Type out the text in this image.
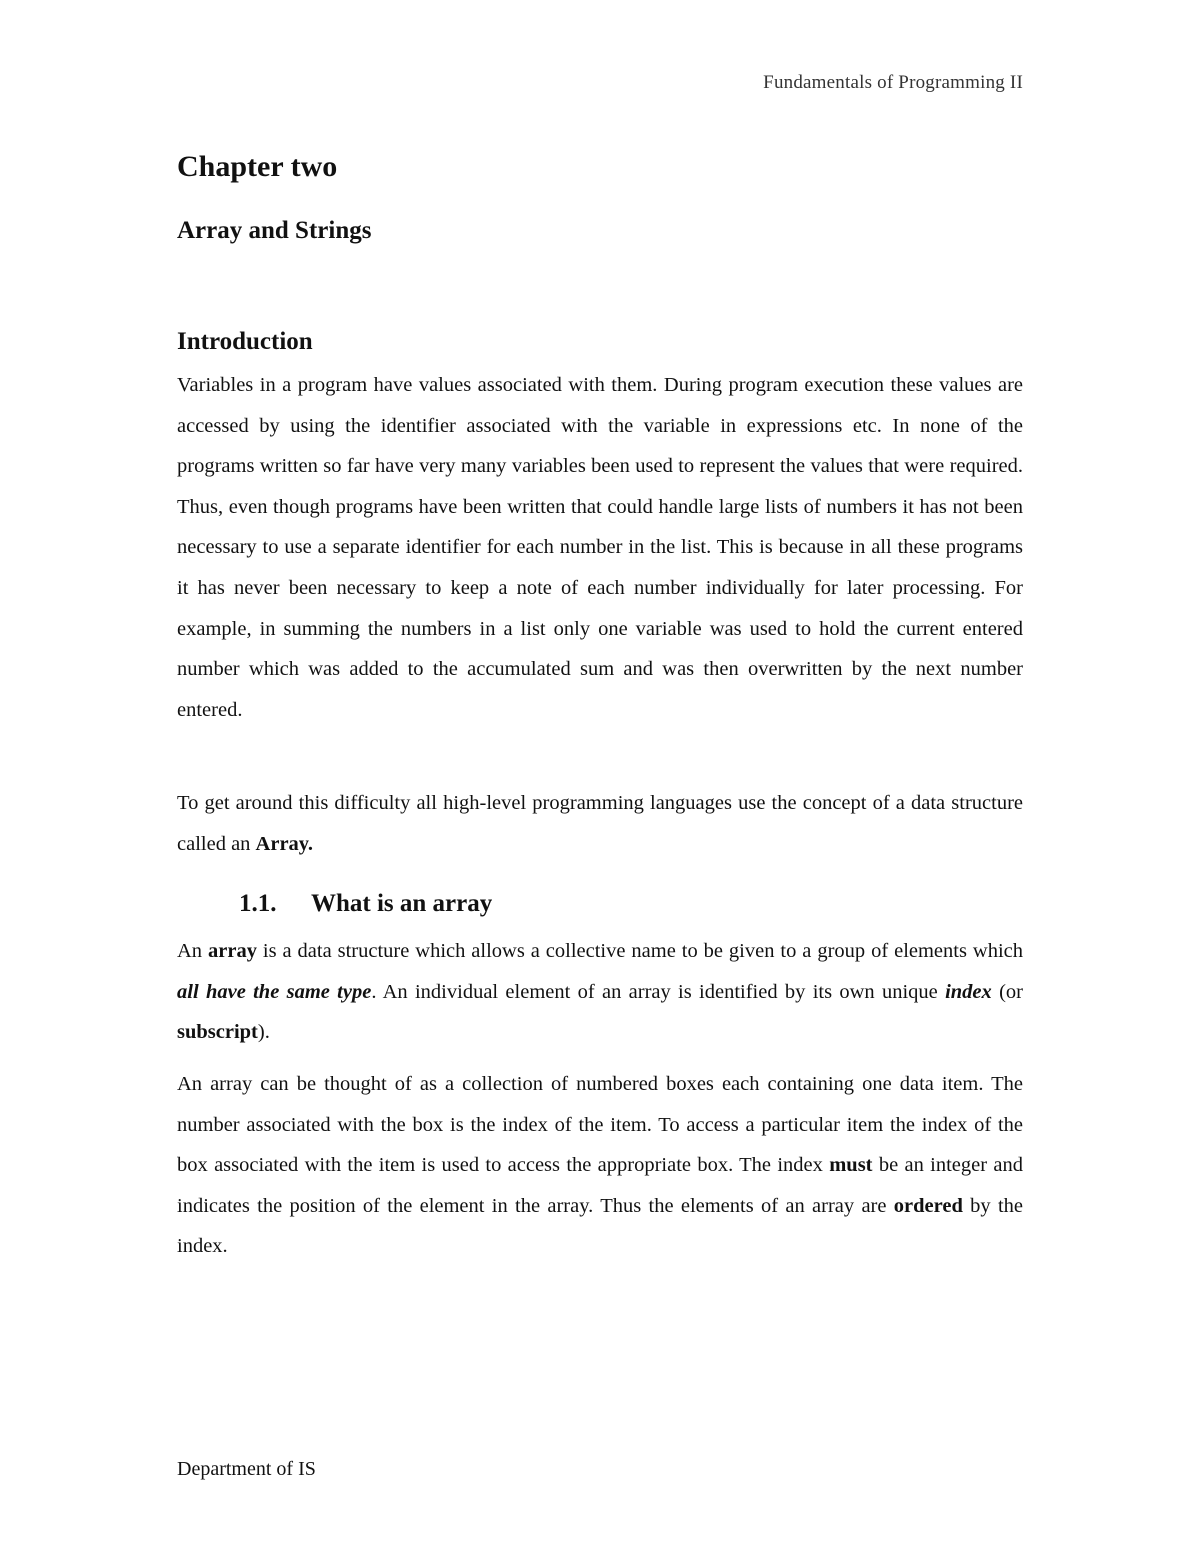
Fundamentals of Programming II
Chapter two
Array and Strings
Introduction

Variables in a program have values associated with them. During program execution these values are accessed by using the identifier associated with the variable in expressions etc. In none of the programs written so far have very many variables been used to represent the values that were required. Thus, even though programs have been written that could handle large lists of numbers it has not been necessary to use a separate identifier for each number in the list. This is because in all these programs it has never been necessary to keep a note of each number individually for later processing. For example, in summing the numbers in a list only one variable was used to hold the current entered number which was added to the accumulated sum and was then overwritten by the next number entered.

To get around this difficulty all high-level programming languages use the concept of a data structure called an Array.

1.1. What is an array

An array is a data structure which allows a collective name to be given to a group of elements which all have the same type. An individual element of an array is identified by its own unique index (or subscript).

An array can be thought of as a collection of numbered boxes each containing one data item. The number associated with the box is the index of the item. To access a particular item the index of the box associated with the item is used to access the appropriate box. The index must be an integer and indicates the position of the element in the array. Thus the elements of an array are ordered by the index.

Department of IS
